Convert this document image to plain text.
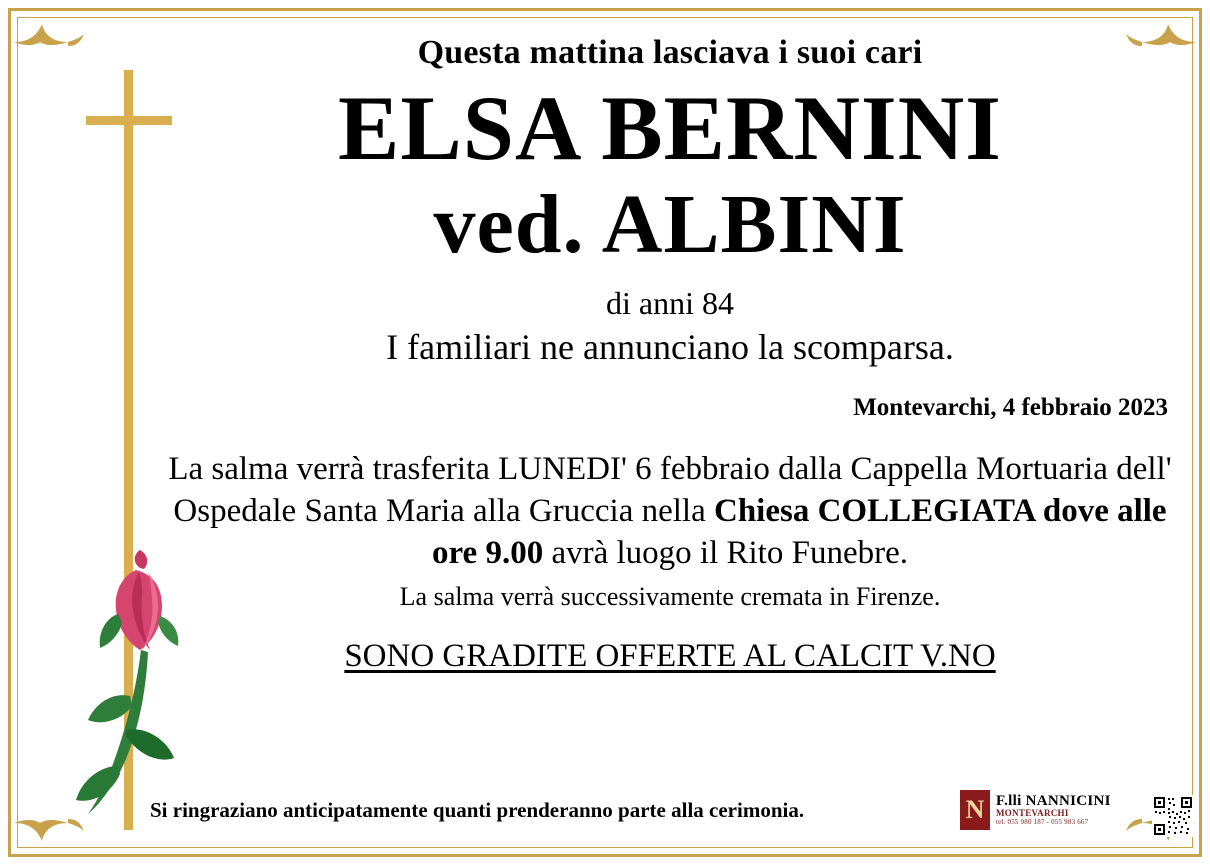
Questa mattina lasciava i suoi cari
ELSA BERNINI
ved. ALBINI
di anni 84
I familiari ne annunciano la scomparsa.
Montevarchi, 4 febbraio 2023
La salma verrà trasferita LUNEDI' 6 febbraio dalla Cappella Mortuaria dell' Ospedale Santa Maria alla Gruccia nella Chiesa COLLEGIATA dove alle ore 9.00 avrà luogo il Rito Funebre.
La salma verrà successivamente cremata in Firenze.
SONO GRADITE OFFERTE AL CALCIT V.NO
Si ringraziano anticipatamente quanti prenderanno parte alla cerimonia.	N F.lli NANNICINI
MONTEVARCHI
tel. 055 980 187 - 055 983 667
